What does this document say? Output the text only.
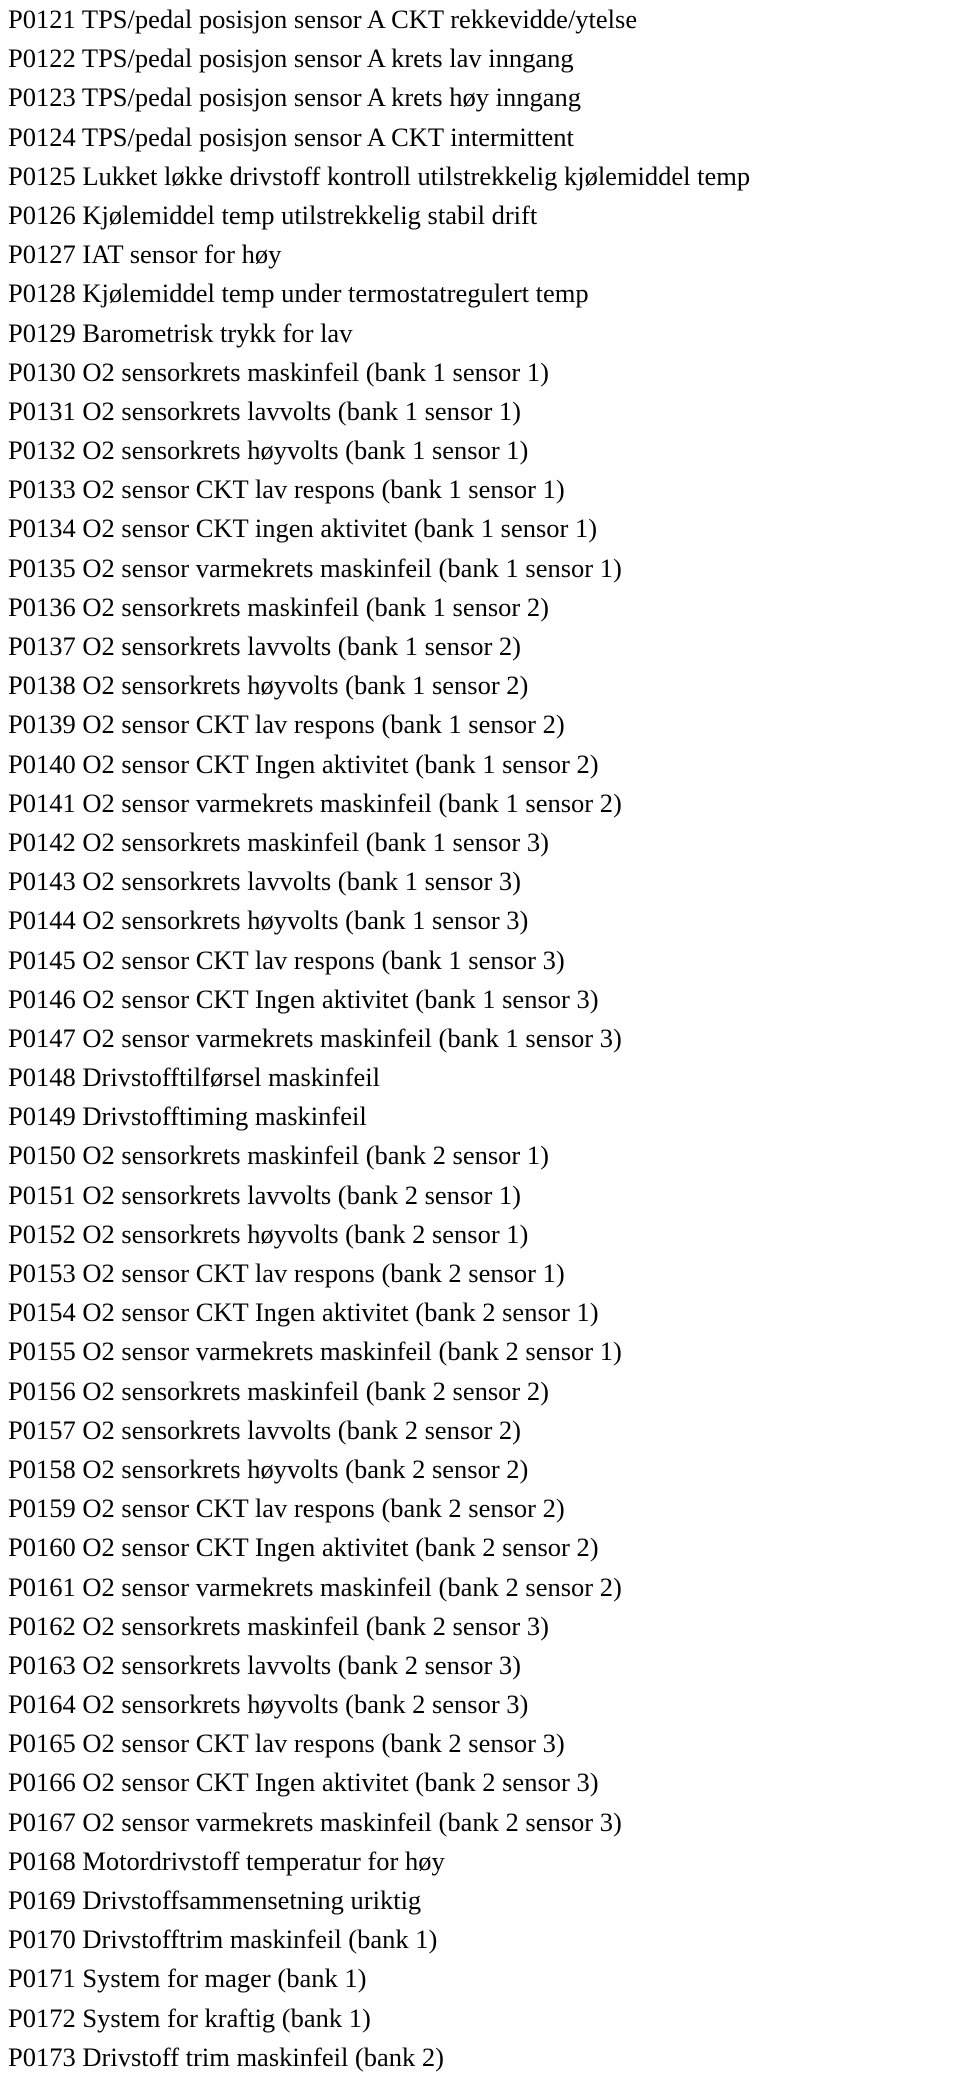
P0121 TPS/pedal posisjon sensor A CKT rekkevidde/ytelse
P0122 TPS/pedal posisjon sensor A krets lav inngang
P0123 TPS/pedal posisjon sensor A krets høy inngang
P0124 TPS/pedal posisjon sensor A CKT intermittent
P0125 Lukket løkke drivstoff kontroll utilstrekkelig kjølemiddel temp
P0126 Kjølemiddel temp utilstrekkelig stabil drift
P0127 IAT sensor for høy
P0128 Kjølemiddel temp under termostatregulert temp
P0129 Barometrisk trykk for lav
P0130 O2 sensorkrets maskinfeil (bank 1 sensor 1)
P0131 O2 sensorkrets lavvolts (bank 1 sensor 1)
P0132 O2 sensorkrets høyvolts (bank 1 sensor 1)
P0133 O2 sensor CKT lav respons (bank 1 sensor 1)
P0134 O2 sensor CKT ingen aktivitet (bank 1 sensor 1)
P0135 O2 sensor varmekrets maskinfeil (bank 1 sensor 1)
P0136 O2 sensorkrets maskinfeil (bank 1 sensor 2)
P0137 O2 sensorkrets lavvolts (bank 1 sensor 2)
P0138 O2 sensorkrets høyvolts (bank 1 sensor 2)
P0139 O2 sensor CKT lav respons (bank 1 sensor 2)
P0140 O2 sensor CKT Ingen aktivitet (bank 1 sensor 2)
P0141 O2 sensor varmekrets maskinfeil (bank 1 sensor 2)
P0142 O2 sensorkrets maskinfeil (bank 1 sensor 3)
P0143 O2 sensorkrets lavvolts (bank 1 sensor 3)
P0144 O2 sensorkrets høyvolts (bank 1 sensor 3)
P0145 O2 sensor CKT lav respons (bank 1 sensor 3)
P0146 O2 sensor CKT Ingen aktivitet (bank 1 sensor 3)
P0147 O2 sensor varmekrets maskinfeil (bank 1 sensor 3)
P0148 Drivstofftilførsel maskinfeil
P0149 Drivstofftiming maskinfeil
P0150 O2 sensorkrets maskinfeil (bank 2 sensor 1)
P0151 O2 sensorkrets lavvolts (bank 2 sensor 1)
P0152 O2 sensorkrets høyvolts (bank 2 sensor 1)
P0153 O2 sensor CKT lav respons (bank 2 sensor 1)
P0154 O2 sensor CKT Ingen aktivitet (bank 2 sensor 1)
P0155 O2 sensor varmekrets maskinfeil (bank 2 sensor 1)
P0156 O2 sensorkrets maskinfeil (bank 2 sensor 2)
P0157 O2 sensorkrets lavvolts (bank 2 sensor 2)
P0158 O2 sensorkrets høyvolts (bank 2 sensor 2)
P0159 O2 sensor CKT lav respons (bank 2 sensor 2)
P0160 O2 sensor CKT Ingen aktivitet (bank 2 sensor 2)
P0161 O2 sensor varmekrets maskinfeil (bank 2 sensor 2)
P0162 O2 sensorkrets maskinfeil (bank 2 sensor 3)
P0163 O2 sensorkrets lavvolts (bank 2 sensor 3)
P0164 O2 sensorkrets høyvolts (bank 2 sensor 3)
P0165 O2 sensor CKT lav respons (bank 2 sensor 3)
P0166 O2 sensor CKT Ingen aktivitet (bank 2 sensor 3)
P0167 O2 sensor varmekrets maskinfeil (bank 2 sensor 3)
P0168 Motordrivstoff temperatur for høy
P0169 Drivstoffsammensetning uriktig
P0170 Drivstofftrim maskinfeil (bank 1)
P0171 System for mager (bank 1)
P0172 System for kraftig (bank 1)
P0173 Drivstoff trim maskinfeil (bank 2)
